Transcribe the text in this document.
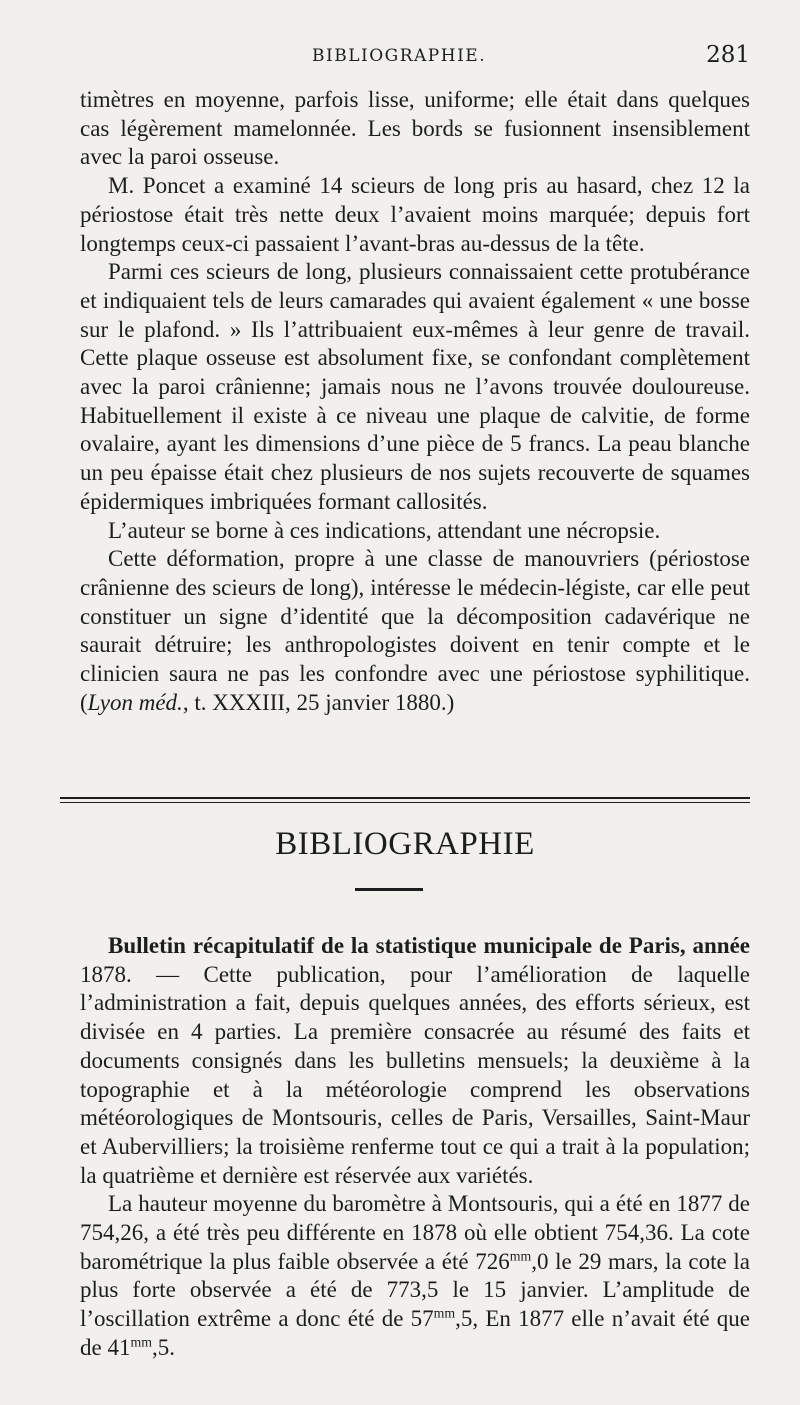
BIBLIOGRAPHIE.	281

timètres en moyenne, parfois lisse, uniforme; elle était dans quelques cas légèrement mamelonnée. Les bords se fusionnent insensiblement avec la paroi osseuse.

M. Poncet a examiné 14 scieurs de long pris au hasard, chez 12 la périostose était très nette deux l’avaient moins marquée; depuis fort longtemps ceux-ci passaient l’avant-bras au-dessus de la tête.

Parmi ces scieurs de long, plusieurs connaissaient cette protubérance et indiquaient tels de leurs camarades qui avaient également « une bosse sur le plafond. » Ils l’attribuaient eux-mêmes à leur genre de travail. Cette plaque osseuse est absolument fixe, se confondant complètement avec la paroi crânienne; jamais nous ne l’avons trouvée douloureuse. Habituellement il existe à ce niveau une plaque de calvitie, de forme ovalaire, ayant les dimensions d’une pièce de 5 francs. La peau blanche un peu épaisse était chez plusieurs de nos sujets recouverte de squames épidermiques imbriquées formant callosités.

L’auteur se borne à ces indications, attendant une nécropsie.

Cette déformation, propre à une classe de manouvriers (périostose crânienne des scieurs de long), intéresse le médecin-légiste, car elle peut constituer un signe d’identité que la décomposition cadavérique ne saurait détruire; les anthropologistes doivent en tenir compte et le clinicien saura ne pas les confondre avec une périostose syphilitique. (Lyon méd., t. XXXIII, 25 janvier 1880.)

BIBLIOGRAPHIE

Bulletin récapitulatif de la statistique municipale de Paris, année 1878. — Cette publication, pour l’amélioration de laquelle l’administration a fait, depuis quelques années, des efforts sérieux, est divisée en 4 parties. La première consacrée au résumé des faits et documents consignés dans les bulletins mensuels; la deuxième à la topographie et à la météorologie comprend les observations météorologiques de Montsouris, celles de Paris, Versailles, Saint-Maur et Aubervilliers; la troisième renferme tout ce qui a trait à la population; la quatrième et dernière est réservée aux variétés.

La hauteur moyenne du baromètre à Montsouris, qui a été en 1877 de 754,26, a été très peu différente en 1878 où elle obtient 754,36. La cote barométrique la plus faible observée a été $726^{mm},0$ le 29 mars, la cote la plus forte observée a été de 773,5 le 15 janvier. L’amplitude de l’oscillation extrême a donc été de $57^{mm},5$, En 1877 elle n’avait été que de $41^{mm},5$.
